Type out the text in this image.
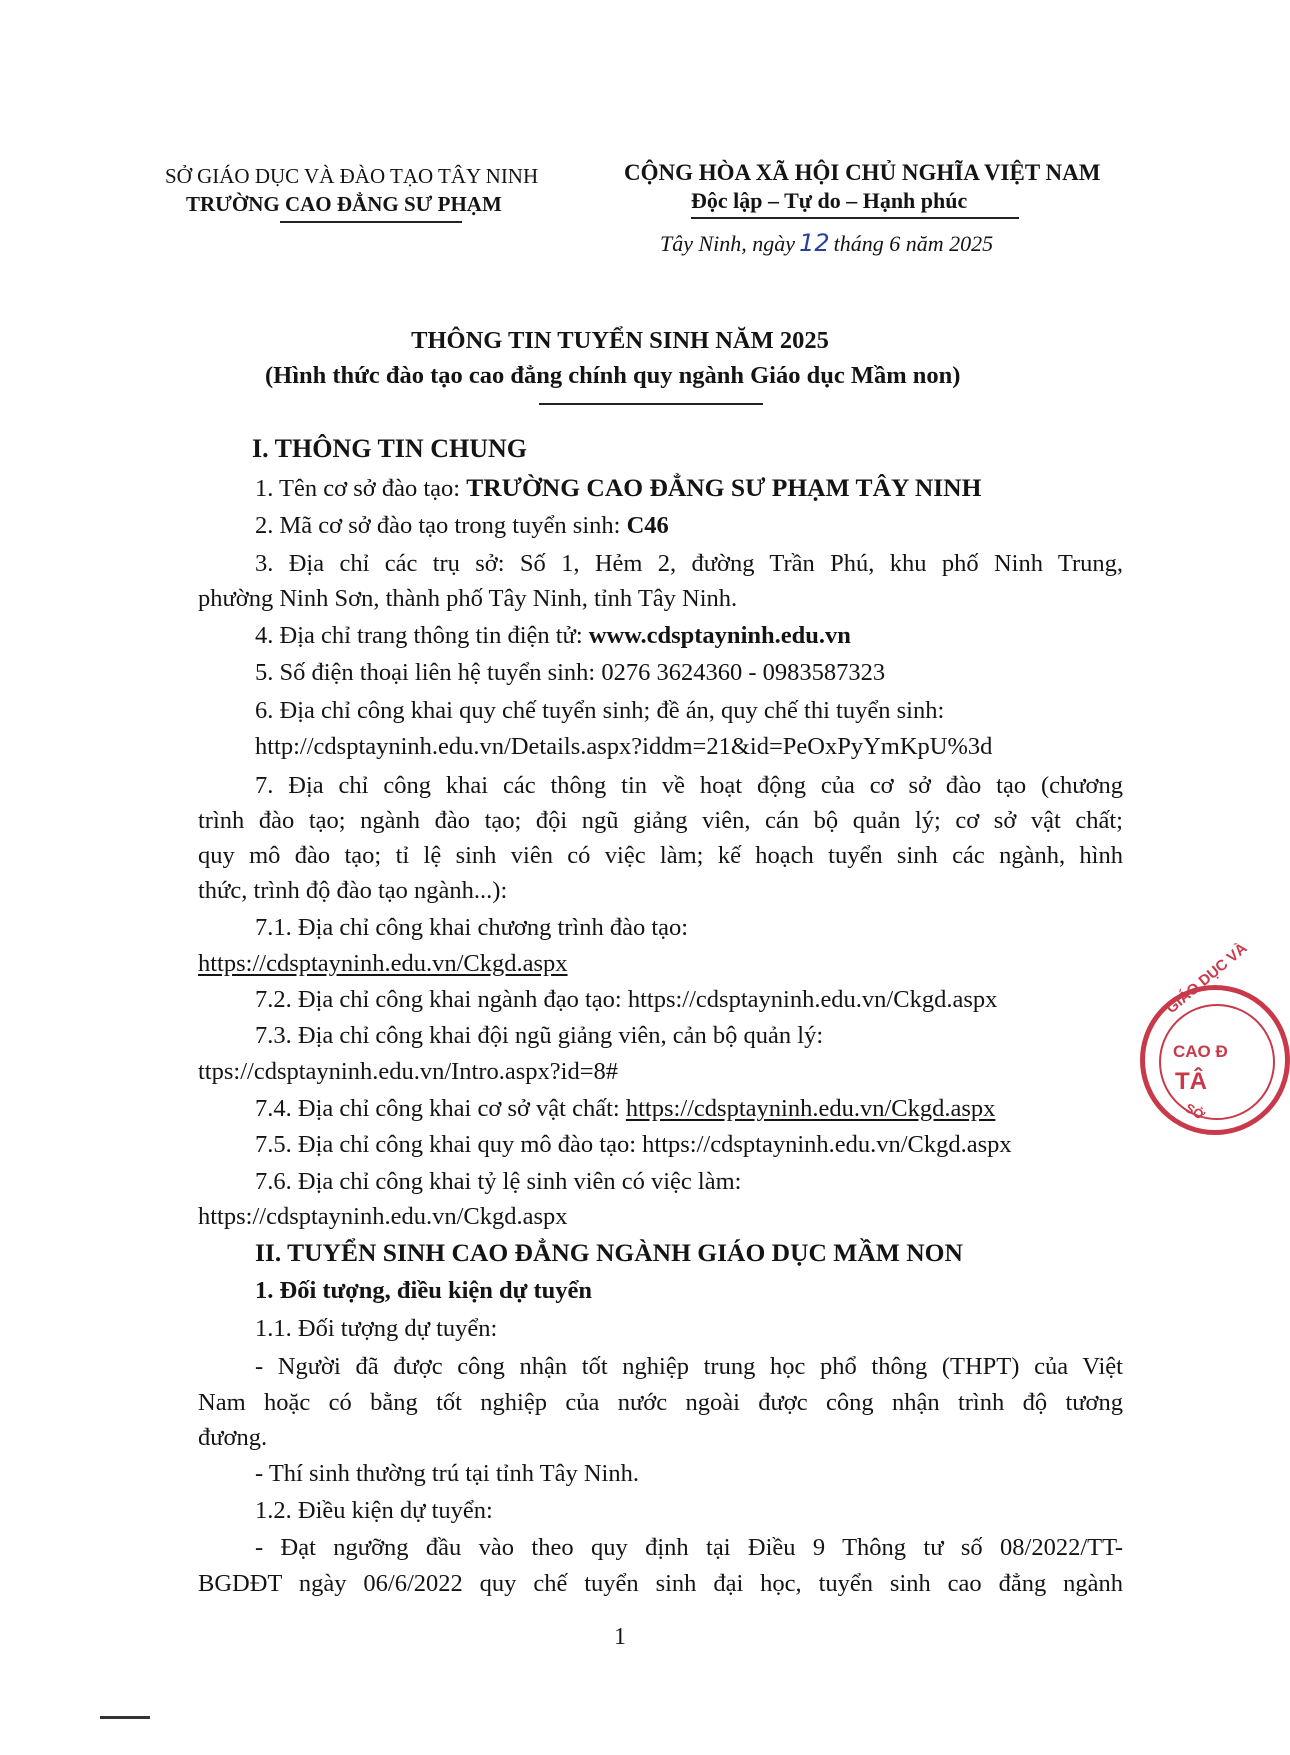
SỞ GIÁO DỤC VÀ ĐÀO TẠO TÂY NINH
TRƯỜNG CAO ĐẲNG SƯ PHẠM
CỘNG HÒA XÃ HỘI CHỦ NGHĨA VIỆT NAM
Độc lập – Tự do – Hạnh phúc
Tây Ninh, ngày 12 tháng 6 năm 2025
THÔNG TIN TUYỂN SINH NĂM 2025
(Hình thức đào tạo cao đẳng chính quy ngành Giáo dục Mầm non)
I. THÔNG TIN CHUNG
1. Tên cơ sở đào tạo: TRƯỜNG CAO ĐẲNG SƯ PHẠM TÂY NINH
2. Mã cơ sở đào tạo trong tuyển sinh: C46
3. Địa chỉ các trụ sở: Số 1, Hẻm 2, đường Trần Phú, khu phố Ninh Trung,
phường Ninh Sơn, thành phố Tây Ninh, tỉnh Tây Ninh.
4. Địa chỉ trang thông tin điện tử: www.cdsptayninh.edu.vn
5. Số điện thoại liên hệ tuyển sinh: 0276 3624360 - 0983587323
6. Địa chỉ công khai quy chế tuyển sinh; đề án, quy chế thi tuyển sinh:
http://cdsptayninh.edu.vn/Details.aspx?iddm=21&id=PeOxPyYmKpU%3d
7. Địa chỉ công khai các thông tin về hoạt động của cơ sở đào tạo (chương
trình đào tạo; ngành đào tạo; đội ngũ giảng viên, cán bộ quản lý; cơ sở vật chất;
quy mô đào tạo; tỉ lệ sinh viên có việc làm; kế hoạch tuyển sinh các ngành, hình
thức, trình độ đào tạo ngành...):
7.1. Địa chỉ công khai chương trình đào tạo:
https://cdsptayninh.edu.vn/Ckgd.aspx
7.2. Địa chỉ công khai ngành đạo tạo: https://cdsptayninh.edu.vn/Ckgd.aspx
7.3. Địa chỉ công khai đội ngũ giảng viên, cản bộ quản lý:
ttps://cdsptayninh.edu.vn/Intro.aspx?id=8#
7.4. Địa chỉ công khai cơ sở vật chất: https://cdsptayninh.edu.vn/Ckgd.aspx
7.5. Địa chỉ công khai quy mô đào tạo: https://cdsptayninh.edu.vn/Ckgd.aspx
7.6. Địa chỉ công khai tỷ lệ sinh viên có việc làm:
https://cdsptayninh.edu.vn/Ckgd.aspx
II. TUYỂN SINH CAO ĐẲNG NGÀNH GIÁO DỤC MẦM NON
1. Đối tượng, điều kiện dự tuyển
1.1. Đối tượng dự tuyển:
- Người đã được công nhận tốt nghiệp trung học phổ thông (THPT) của Việt
Nam hoặc có bằng tốt nghiệp của nước ngoài được công nhận trình độ tương
đương.
- Thí sinh thường trú tại tỉnh Tây Ninh.
1.2. Điều kiện dự tuyển:
- Đạt ngưỡng đầu vào theo quy định tại Điều 9 Thông tư số 08/2022/TT-
BGDĐT ngày 06/6/2022 quy chế tuyển sinh đại học, tuyển sinh cao đẳng ngành
GIÁO DỤC VÀ
CAO Đ
TÂ
SỞ
1
